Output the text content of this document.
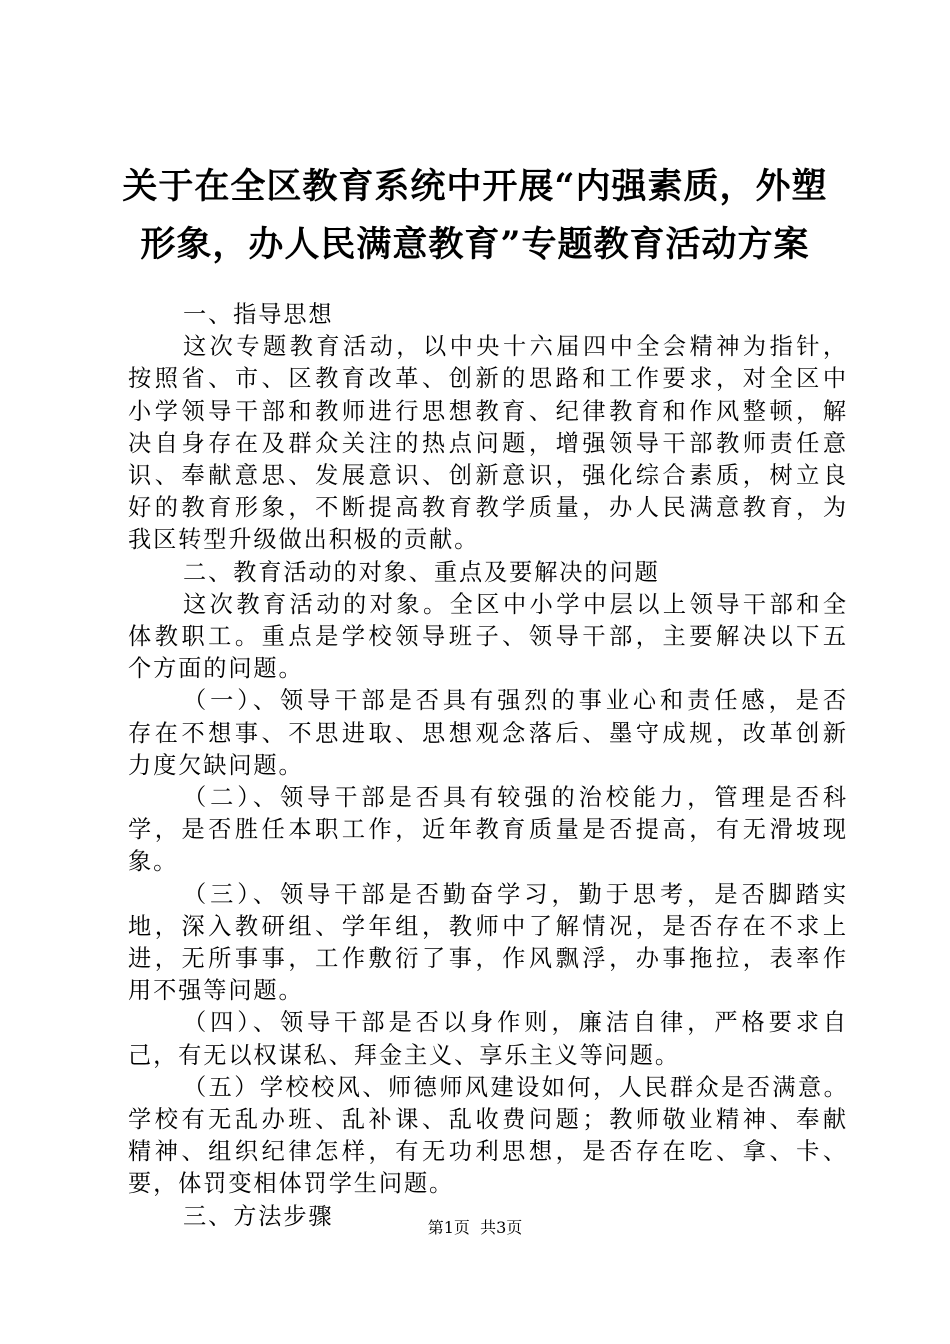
关于在全区教育系统中开展“内强素质，外塑
形象，办人民满意教育”专题教育活动方案
一、指导思想
这次专题教育活动，以中央十六届四中全会精神为指针，
按照省、市、区教育改革、创新的思路和工作要求，对全区中
小学领导干部和教师进行思想教育、纪律教育和作风整顿，解
决自身存在及群众关注的热点问题，增强领导干部教师责任意
识、奉献意思、发展意识、创新意识，强化综合素质，树立良
好的教育形象，不断提高教育教学质量，办人民满意教育，为
我区转型升级做出积极的贡献。
二、教育活动的对象、重点及要解决的问题
这次教育活动的对象。全区中小学中层以上领导干部和全
体教职工。重点是学校领导班子、领导干部，主要解决以下五
个方面的问题。
（一）、领导干部是否具有强烈的事业心和责任感，是否
存在不想事、不思进取、思想观念落后、墨守成规，改革创新
力度欠缺问题。
（二）、领导干部是否具有较强的治校能力，管理是否科
学，是否胜任本职工作，近年教育质量是否提高，有无滑坡现
象。
（三）、领导干部是否勤奋学习，勤于思考，是否脚踏实
地，深入教研组、学年组，教师中了解情况，是否存在不求上
进，无所事事，工作敷衍了事，作风飘浮，办事拖拉，表率作
用不强等问题。
（四）、领导干部是否以身作则，廉洁自律，严格要求自
己，有无以权谋私、拜金主义、享乐主义等问题。
（五）学校校风、师德师风建设如何，人民群众是否满意。
学校有无乱办班、乱补课、乱收费问题；教师敬业精神、奉献
精神、组织纪律怎样，有无功利思想，是否存在吃、拿、卡、
要，体罚变相体罚学生问题。
三、方法步骤	第1页  共3页
